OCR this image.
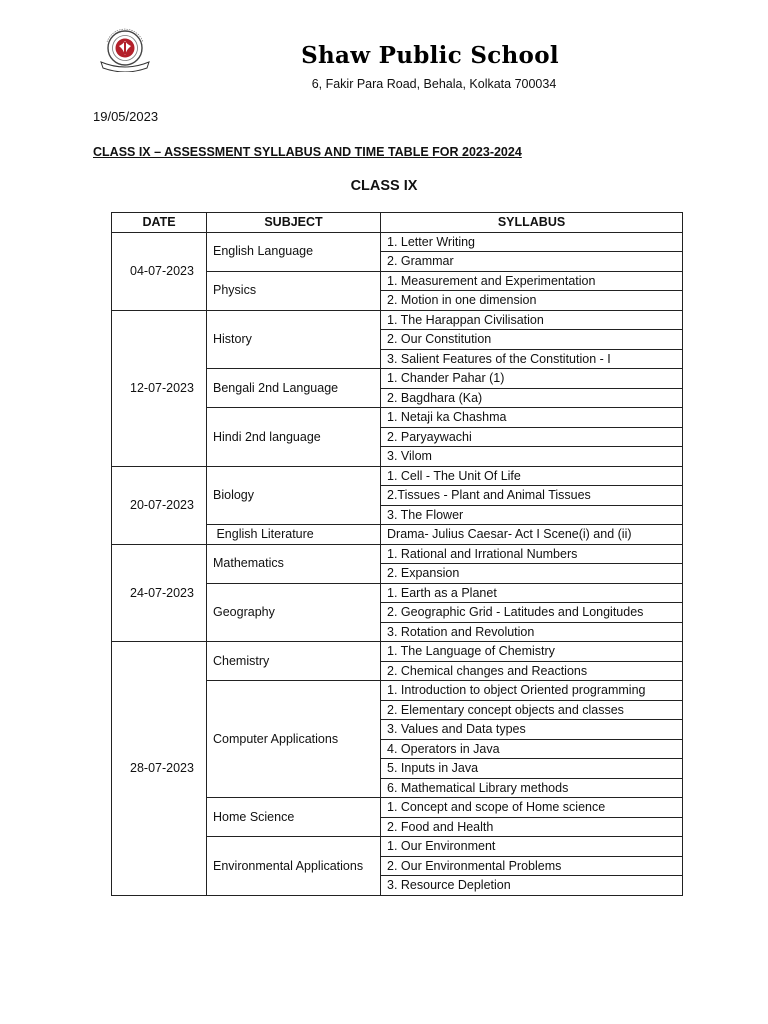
Shaw Public School
6, Fakir Para Road, Behala, Kolkata 700034
19/05/2023
CLASS IX – ASSESSMENT SYLLABUS AND TIME TABLE FOR 2023-2024
CLASS IX
DATE	SUBJECT	SYLLABUS
04-07-2023	English Language	1. Letter Writing
		2. Grammar
	Physics	1. Measurement and Experimentation
		2. Motion in one dimension
12-07-2023	History	1. The Harappan Civilisation
		2. Our Constitution
		3. Salient Features of the Constitution - I
	Bengali 2nd Language	1. Chander Pahar (1)
		2. Bagdhara (Ka)
	Hindi 2nd language	1. Netaji ka Chashma
		2. Paryaywachi
		3. Vilom
20-07-2023	Biology	1. Cell - The Unit Of Life
		2.Tissues - Plant and Animal Tissues
		3. The Flower
	English Literature	Drama- Julius Caesar- Act I Scene(i) and (ii)
24-07-2023	Mathematics	1. Rational and Irrational Numbers
		2. Expansion
	Geography	1. Earth as a Planet
		2. Geographic Grid - Latitudes and Longitudes
		3. Rotation and Revolution
28-07-2023	Chemistry	1. The Language of Chemistry
		2. Chemical changes and Reactions
	Computer Applications	1. Introduction to object Oriented programming
		2. Elementary concept objects and classes
		3. Values and Data types
		4. Operators in Java
		5. Inputs in Java
		6. Mathematical Library methods
	Home Science	1. Concept and scope of Home science
		2. Food and Health
	Environmental Applications	1. Our Environment
		2. Our Environmental Problems
		3. Resource Depletion
